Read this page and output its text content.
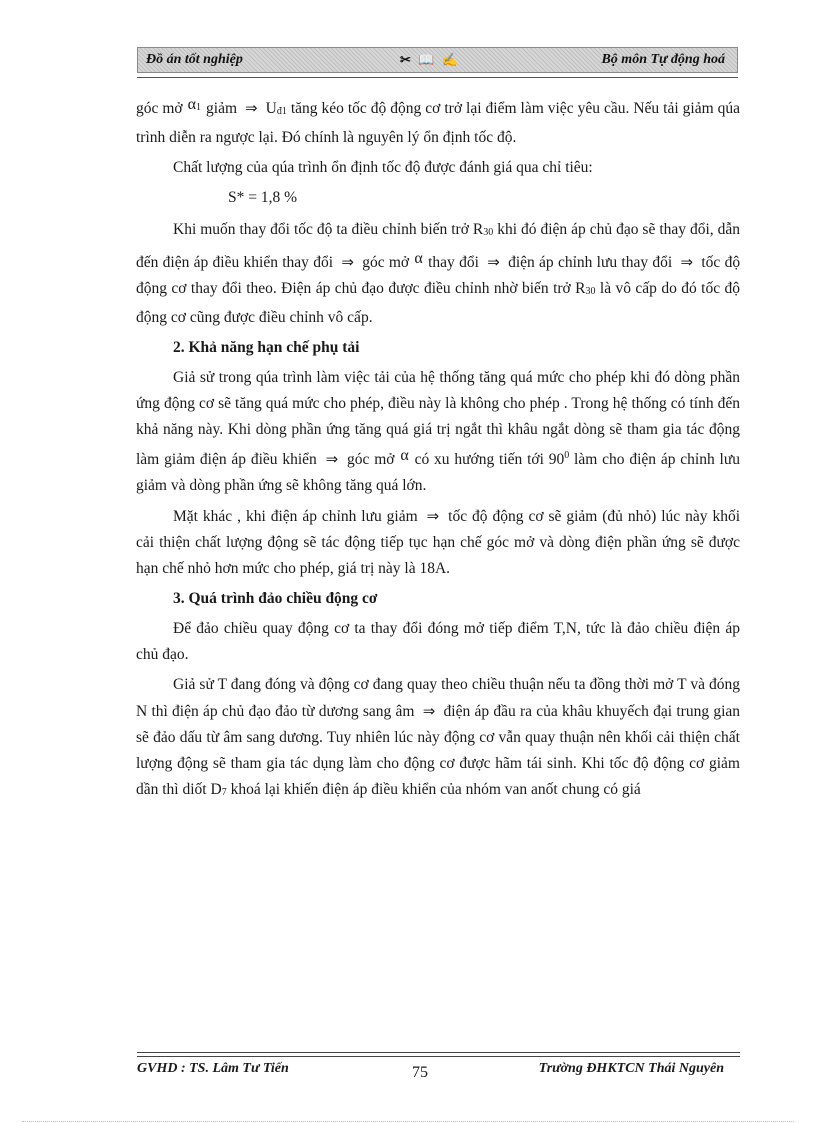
Đồ án tốt nghiệp	✂ 📖 ✍	Bộ môn Tự động hoá

góc mở α1 giảm ⇒ Uđ1 tăng kéo tốc độ động cơ trở lại điểm làm việc yêu cầu. Nếu tải giảm qúa trình diễn ra ngược lại. Đó chính là nguyên lý ổn định tốc độ.

Chất lượng của qúa trình ổn định tốc độ được đánh giá qua chỉ tiêu:

S* = 1,8 %

Khi muốn thay đổi tốc độ ta điều chỉnh biến trở R30 khi đó điện áp chủ đạo sẽ thay đổi, dẫn đến điện áp điều khiển thay đổi ⇒ góc mở α thay đổi ⇒ điện áp chỉnh lưu thay đổi ⇒ tốc độ động cơ thay đổi theo. Điện áp chủ đạo được điều chỉnh nhờ biến trở R30 là vô cấp do đó tốc độ động cơ cũng được điều chỉnh vô cấp.

2. Khả năng hạn chế phụ tải

Giả sử trong qúa trình làm việc tải của hệ thống tăng quá mức cho phép khi đó dòng phần ứng động cơ sẽ tăng quá mức cho phép, điều này là không cho phép . Trong hệ thống có tính đến khả năng này. Khi dòng phần ứng tăng quá giá trị ngắt thì khâu ngắt dòng sẽ tham gia tác động làm giảm điện áp điều khiển ⇒ góc mở α có xu hướng tiến tới $90^0$ làm cho điện áp chỉnh lưu giảm và dòng phần ứng sẽ không tăng quá lớn.

Mặt khác , khi điện áp chỉnh lưu giảm ⇒ tốc độ động cơ sẽ giảm (đủ nhỏ) lúc này khối cải thiện chất lượng động sẽ tác động tiếp tục hạn chế góc mở và dòng điện phần ứng sẽ được hạn chế nhỏ hơn mức cho phép, giá trị này là 18A.

3. Quá trình đảo chiều động cơ

Để đảo chiều quay động cơ ta thay đổi đóng mở tiếp điểm T,N, tức là đảo chiều điện áp chủ đạo.

Giả sử T đang đóng và động cơ đang quay theo chiều thuận nếu ta đồng thời mở T và đóng N thì điện áp chủ đạo đảo từ dương sang âm ⇒ điện áp đầu ra của khâu khuyếch đại trung gian sẽ đảo dấu từ âm sang dương. Tuy nhiên lúc này động cơ vẫn quay thuận nên khối cải thiện chất lượng động sẽ tham gia tác dụng làm cho động cơ được hãm tái sinh. Khi tốc độ động cơ giảm dần thì diốt D7 khoá lại khiến điện áp điều khiển của nhóm van anốt chung có giá

GVHD : TS. Lâm Tư Tiến	75	Trường ĐHKTCN Thái Nguyên
